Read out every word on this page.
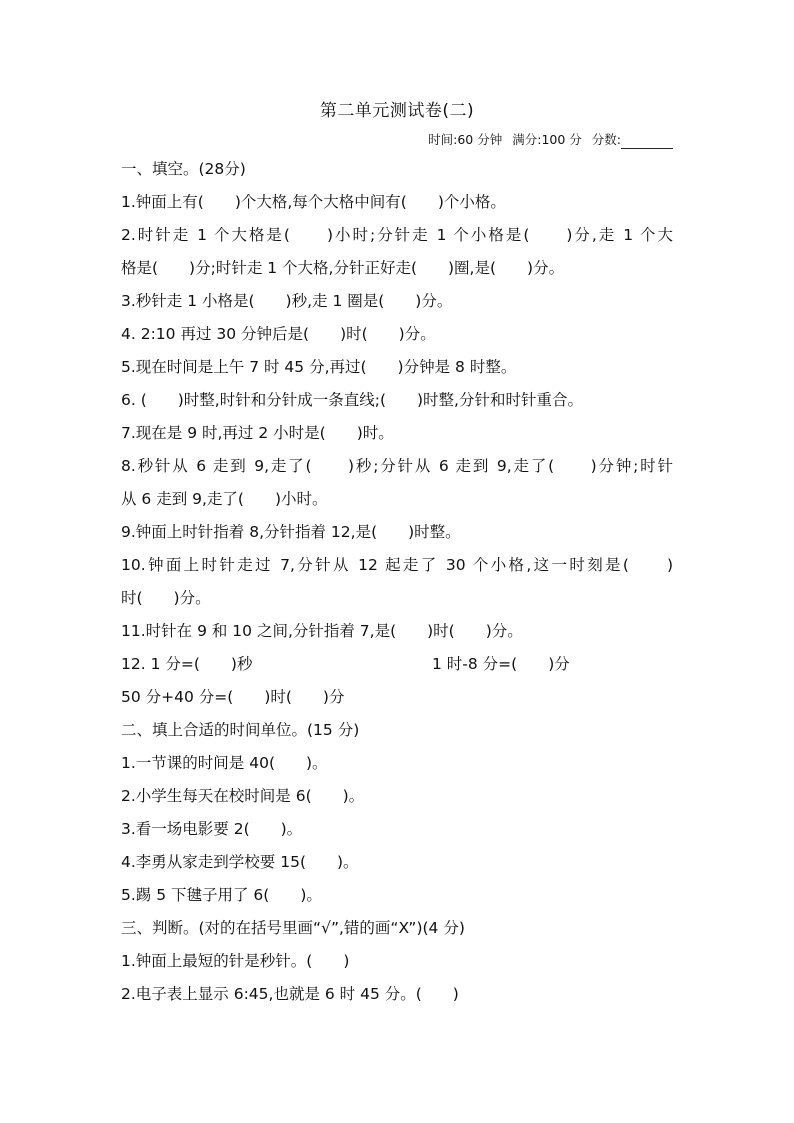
第二单元测试卷(二)
时间:60 分钟 满分:100 分 分数:
一、填空。(28分)
1.钟面上有(　　)个大格,每个大格中间有(　　)个小格。
2.时针走 1 个大格是(　　)小时;分针走 1 个小格是(　　)分,走 1 个大
格是(　　)分;时针走 1 个大格,分针正好走(　　)圈,是(　　)分。
3.秒针走 1 小格是(　　)秒,走 1 圈是(　　)分。
4. 2:10 再过 30 分钟后是(　　)时(　　)分。
5.现在时间是上午 7 时 45 分,再过(　　)分钟是 8 时整。
6. (　　)时整,时针和分针成一条直线;(　　)时整,分针和时针重合。
7.现在是 9 时,再过 2 小时是(　　)时。
8.秒针从 6 走到 9,走了(　　)秒;分针从 6 走到 9,走了(　　)分钟;时针
从 6 走到 9,走了(　　)小时。
9.钟面上时针指着 8,分针指着 12,是(　　)时整。
10.钟面上时针走过 7,分针从 12 起走了 30 个小格,这一时刻是(　　)
时(　　)分。
11.时针在 9 和 10 之间,分针指着 7,是(　　)时(　　)分。
12. 1 分=(　　)秒	1 时-8 分=(　　)分
50 分+40 分=(　　)时(　　)分
二、填上合适的时间单位。(15 分)
1.一节课的时间是 40(　　)。
2.小学生每天在校时间是 6(　　)。
3.看一场电影要 2(　　)。
4.李勇从家走到学校要 15(　　)。
5.踢 5 下毽子用了 6(　　)。
三、判断。(对的在括号里画“√”,错的画“X”)(4 分)
1.钟面上最短的针是秒针。(　　)
2.电子表上显示 6:45,也就是 6 时 45 分。(　　)
